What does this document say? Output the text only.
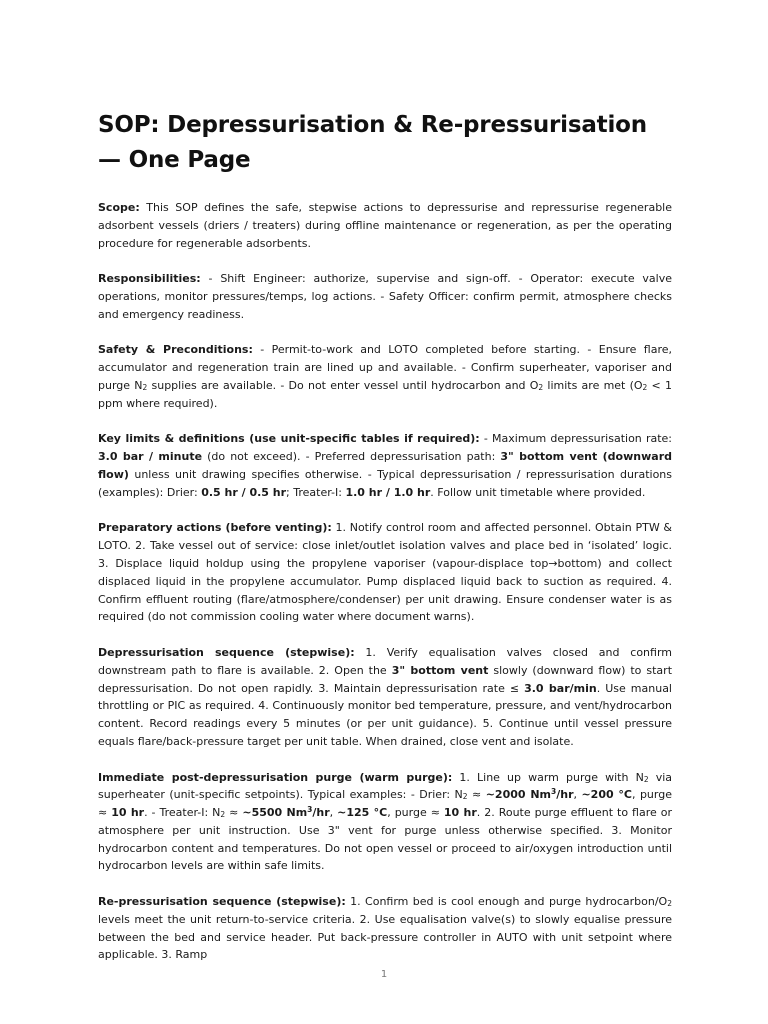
SOP: Depressurisation & Re-pressurisation — One Page

Scope: This SOP defines the safe, stepwise actions to depressurise and repressurise regenerable adsorbent vessels (driers / treaters) during offline maintenance or regeneration, as per the operating procedure for regenerable adsorbents.

Responsibilities: - Shift Engineer: authorize, supervise and sign-off. - Operator: execute valve operations, monitor pressures/temps, log actions. - Safety Officer: confirm permit, atmosphere checks and emergency readiness.

Safety & Preconditions: - Permit-to-work and LOTO completed before starting. - Ensure flare, accumulator and regeneration train are lined up and available. - Confirm superheater, vaporiser and purge $N_2$ supplies are available. - Do not enter vessel until hydrocarbon and $O_2$ limits are met ($O_2 < 1$ ppm where required).

Key limits & definitions (use unit-specific tables if required): - Maximum depressurisation rate: 3.0 bar / minute (do not exceed). - Preferred depressurisation path: 3" bottom vent (downward flow) unless unit drawing specifies otherwise. - Typical depressurisation / repressurisation durations (examples): Drier: 0.5 hr / 0.5 hr; Treater-I: 1.0 hr / 1.0 hr. Follow unit timetable where provided.

Preparatory actions (before venting): 1. Notify control room and affected personnel. Obtain PTW & LOTO. 2. Take vessel out of service: close inlet/outlet isolation valves and place bed in ‘isolated’ logic. 3. Displace liquid holdup using the propylene vaporiser (vapour-displace top→bottom) and collect displaced liquid in the propylene accumulator. Pump displaced liquid back to suction as required. 4. Confirm effluent routing (flare/atmosphere/condenser) per unit drawing. Ensure condenser water is as required (do not commission cooling water where document warns).

Depressurisation sequence (stepwise): 1. Verify equalisation valves closed and confirm downstream path to flare is available. 2. Open the 3" bottom vent slowly (downward flow) to start depressurisation. Do not open rapidly. 3. Maintain depressurisation rate ≤ 3.0 bar/min. Use manual throttling or PIC as required. 4. Continuously monitor bed temperature, pressure, and vent/hydrocarbon content. Record readings every 5 minutes (or per unit guidance). 5. Continue until vessel pressure equals flare/back-pressure target per unit table. When drained, close vent and isolate.

Immediate post-depressurisation purge (warm purge): 1. Line up warm purge with $N_2$ via superheater (unit-specific setpoints). Typical examples: - Drier: $N_2$ ≈ ~2000 Nm$^3$/hr, ~200 °C, purge ≈ 10 hr. - Treater-I: $N_2$ ≈ ~5500 Nm$^3$/hr, ~125 °C, purge ≈ 10 hr. 2. Route purge effluent to flare or atmosphere per unit instruction. Use 3" vent for purge unless otherwise specified. 3. Monitor hydrocarbon content and temperatures. Do not open vessel or proceed to air/oxygen introduction until hydrocarbon levels are within safe limits.

Re-pressurisation sequence (stepwise): 1. Confirm bed is cool enough and purge hydrocarbon/$O_2$ levels meet the unit return-to-service criteria. 2. Use equalisation valve(s) to slowly equalise pressure between the bed and service header. Put back-pressure controller in AUTO with unit setpoint where applicable. 3. Ramp

1
